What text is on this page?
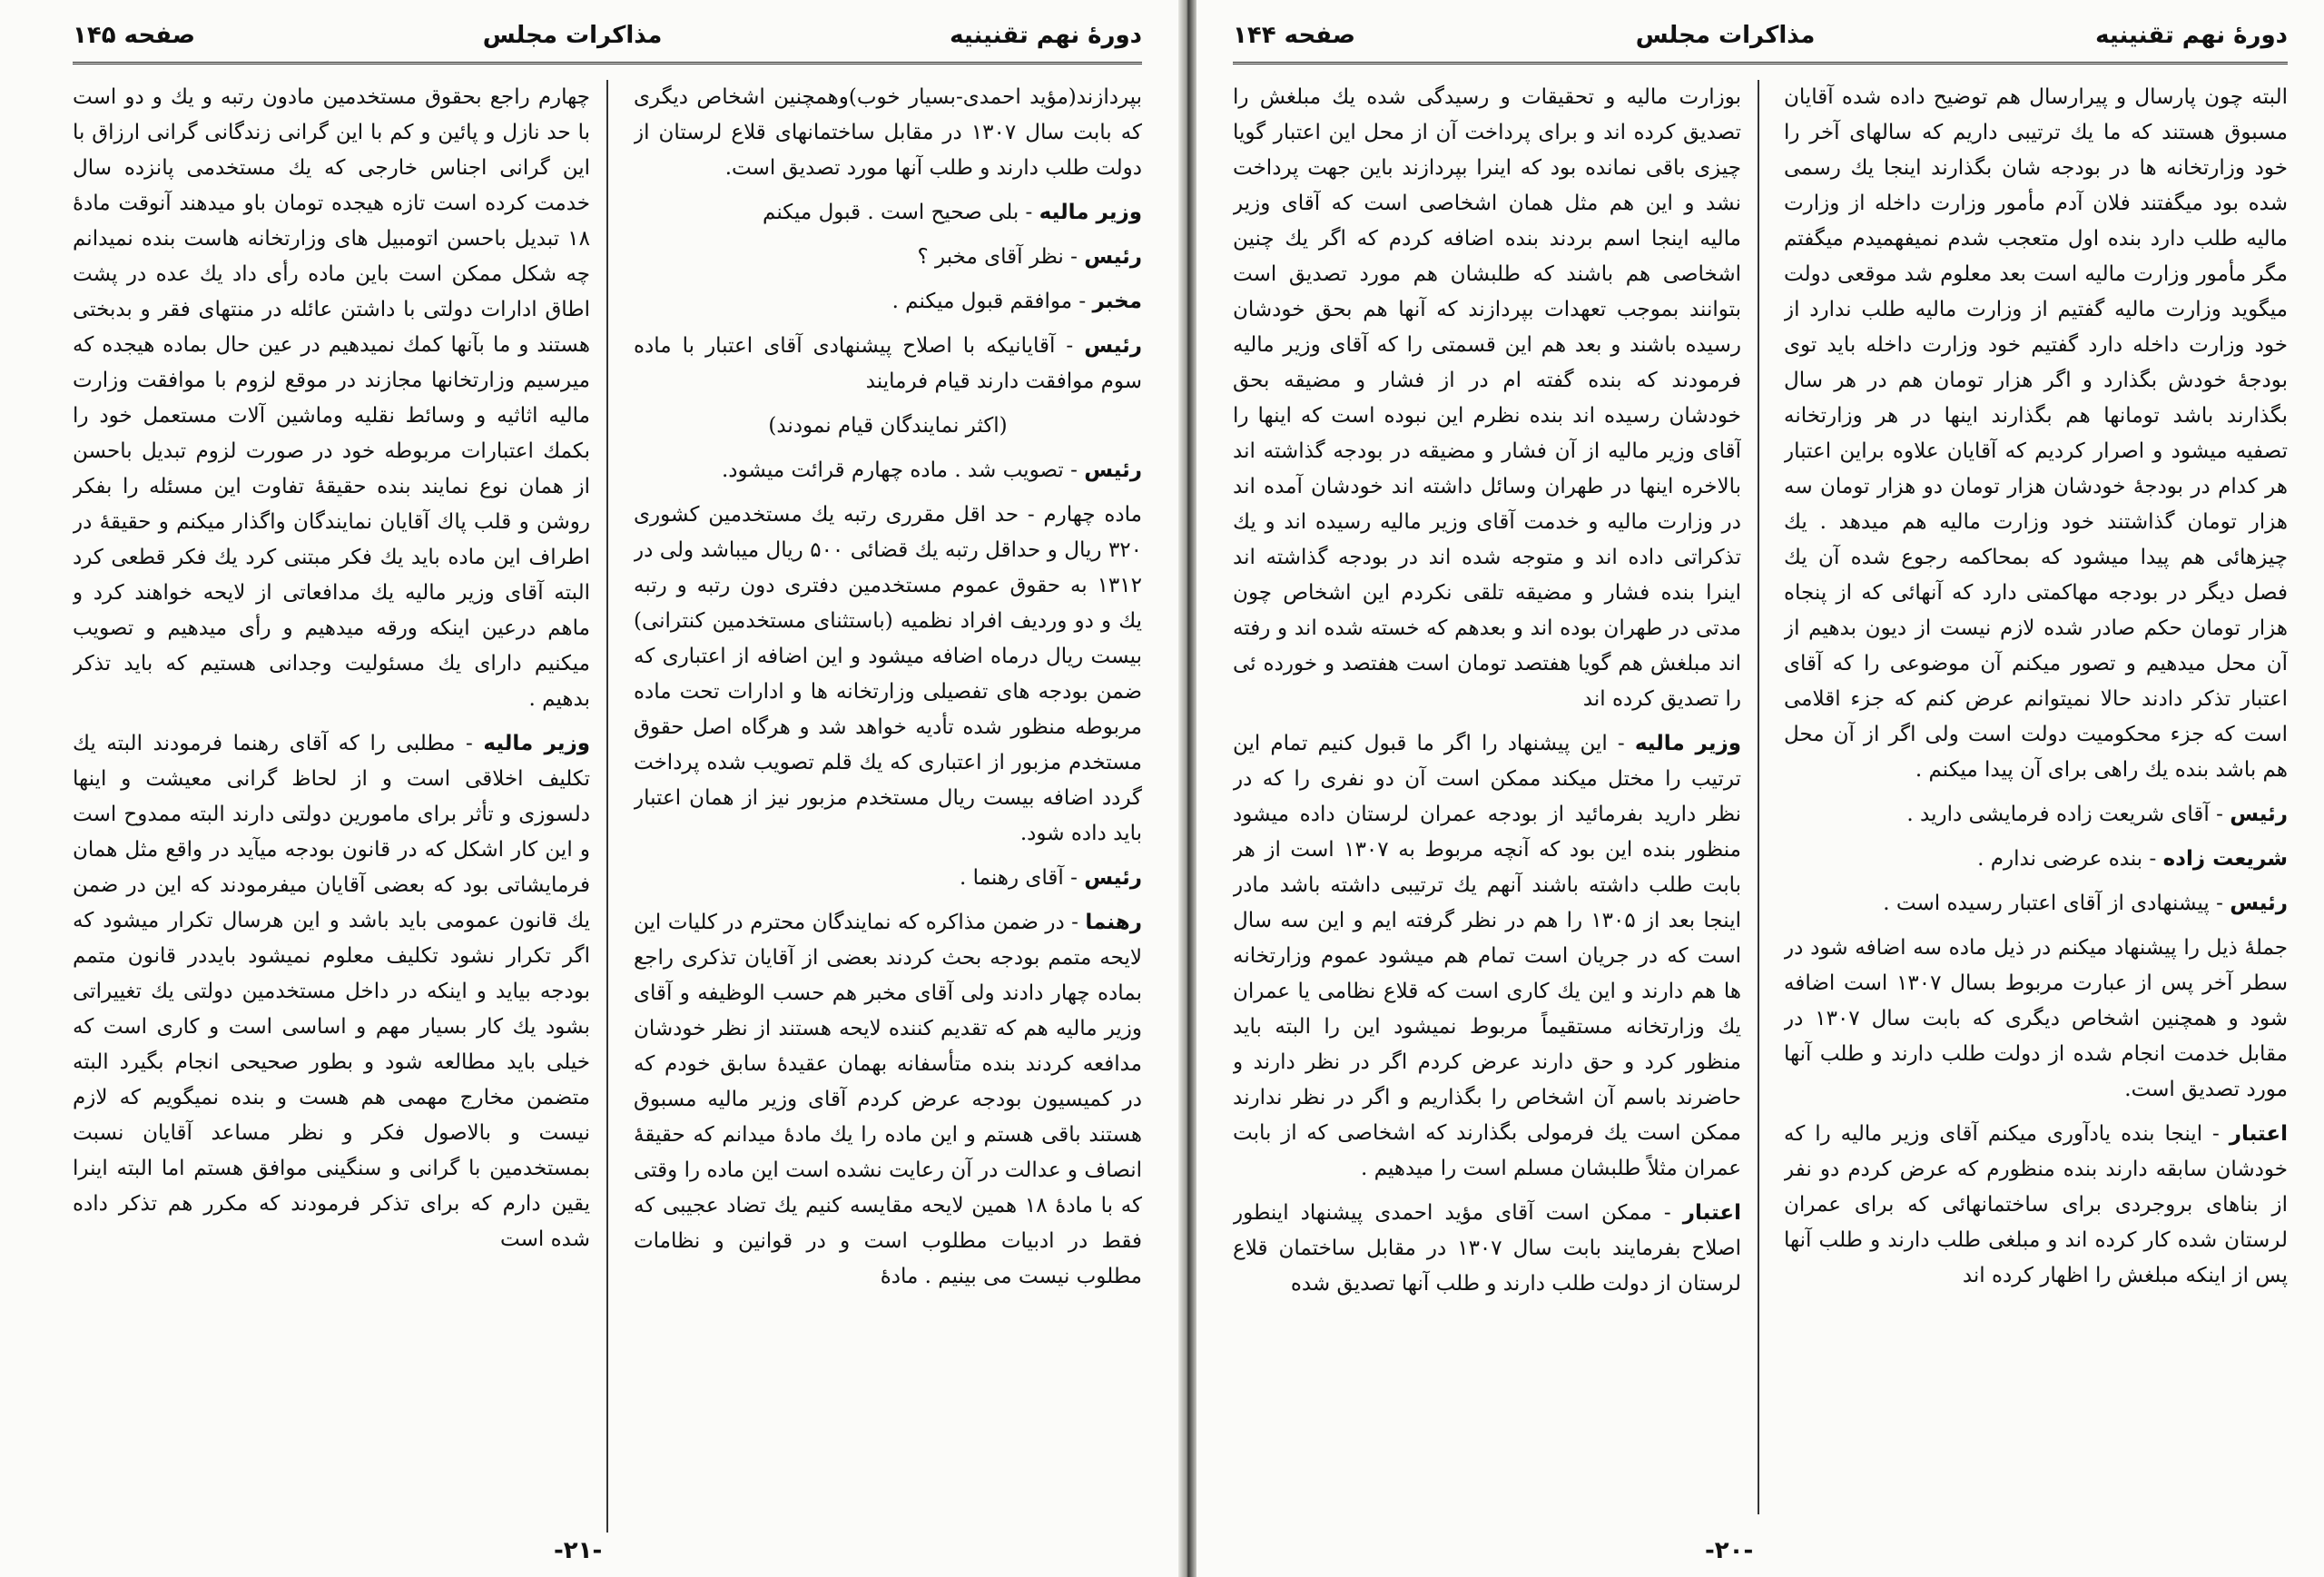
دورهٔ نهم تقنینیه
مذاکرات مجلس
صفحه ۱۴۵

بپردازند(مؤید احمدی-بسیار خوب)وهمچنین اشخاص دیگری که بابت سال ۱۳۰۷ در مقابل ساختمانهای قلاع لرستان از دولت طلب دارند و طلب آنها مورد تصدیق است.

وزیر مالیه - بلی صحیح است . قبول میکنم

رئیس - نظر آقای مخبر ؟

مخبر - موافقم قبول میکنم .

رئیس - آقایانیکه با اصلاح پیشنهادی آقای اعتبار با ماده سوم موافقت دارند قیام فرمایند

(اکثر نمایندگان قیام نمودند)

رئیس - تصویب شد . ماده چهارم قرائت میشود.

ماده چهارم - حد اقل مقرری رتبه یك مستخدمین کشوری ۳۲۰ ریال و حداقل رتبه یك قضائی ۵۰۰ ریال میباشد ولی در ۱۳۱۲ به حقوق عموم مستخدمین دفتری دون رتبه و رتبه یك و دو وردیف افراد نظمیه (باستثنای مستخدمین کنترانی) بیست ریال درماه اضافه میشود و این اضافه از اعتباری که ضمن بودجه های تفصیلی وزارتخانه ها و ادارات تحت ماده مربوطه منظور شده تأدیه خواهد شد و هرگاه اصل حقوق مستخدم مزبور از اعتباری که یك قلم تصویب شده پرداخت گردد اضافه بیست ریال مستخدم مزبور نیز از همان اعتبار باید داده شود.

رئیس - آقای رهنما .

رهنما - در ضمن مذاکره که نمایندگان محترم در کلیات این لایحه متمم بودجه بحث کردند بعضی از آقایان تذکری راجع بماده چهار دادند ولی آقای مخبر هم حسب الوظیفه و آقای وزیر مالیه هم که تقدیم کننده لایحه هستند از نظر خودشان مدافعه کردند بنده متأسفانه بهمان عقیدهٔ سابق خودم که در کمیسیون بودجه عرض کردم آقای وزیر مالیه مسبوق هستند باقی هستم و این ماده را یك مادهٔ میدانم که حقیقهٔ انصاف و عدالت در آن رعایت نشده است این ماده را وقتی که با مادهٔ ۱۸ همین لایحه مقایسه کنیم یك تضاد عجیبی که فقط در ادبیات مطلوب است و در قوانین و نظامات مطلوب نیست می بینیم . مادهٔ

چهارم راجع بحقوق مستخدمین مادون رتبه و یك و دو است با حد نازل و پائین و کم با این گرانی زندگانی گرانی ارزاق با این گرانی اجناس خارجی که یك مستخدمی پانزده سال خدمت کرده است تازه هیجده تومان باو میدهند آنوقت مادهٔ ۱۸ تبدیل باحسن اتومبیل های وزارتخانه هاست بنده نمیدانم چه شکل ممکن است باین ماده رأی داد یك عده در پشت اطاق ادارات دولتی با داشتن عائله در منتهای فقر و بدبختی هستند و ما بآنها کمك نمیدهیم در عین حال بماده هیجده که میرسیم وزارتخانها مجازند در موقع لزوم با موافقت وزارت مالیه اثاثیه و وسائط نقلیه وماشین آلات مستعمل خود را بکمك اعتبارات مربوطه خود در صورت لزوم تبدیل باحسن از همان نوع نمایند بنده حقیقهٔ تفاوت این مسئله را بفکر روشن و قلب پاك آقایان نمایندگان واگذار میکنم و حقیقهٔ در اطراف این ماده باید یك فکر مبتنی کرد یك فکر قطعی کرد البته آقای وزیر مالیه یك مدافعاتی از لایحه خواهند کرد و ماهم درعین اینکه ورقه میدهیم و رأی میدهیم و تصویب میکنیم دارای یك مسئولیت وجدانی هستیم که باید تذکر بدهیم .

وزیر مالیه - مطلبی را که آقای رهنما فرمودند البته یك تکلیف اخلاقی است و از لحاظ گرانی معیشت و اینها دلسوزی و تأثر برای مامورین دولتی دارند البته ممدوح است و این کار اشکل که در قانون بودجه میآید در واقع مثل همان فرمایشاتی بود که بعضی آقایان میفرمودند که این در ضمن یك قانون عمومی باید باشد و این هرسال تکرار میشود که اگر تکرار نشود تکلیف معلوم نمیشود بایددر قانون متمم بودجه بیاید و اینکه در داخل مستخدمین دولتی یك تغییراتی بشود یك کار بسیار مهم و اساسی است و کاری است که خیلی باید مطالعه شود و بطور صحیحی انجام بگیرد البته متضمن مخارج مهمی هم هست و بنده نمیگویم که لازم نیست و بالاصول فکر و نظر مساعد آقایان نسبت بمستخدمین با گرانی و سنگینی موافق هستم اما البته اینرا یقین دارم که برای تذکر فرمودند که مکرر هم تذکر داده شده است

-۲۱-
دورهٔ نهم تقنینیه
مذاکرات مجلس
صفحه ۱۴۴

البته چون پارسال و پیرارسال هم توضیح داده شده آقایان مسبوق هستند که ما یك ترتیبی داریم که سالهای آخر را خود وزارتخانه ها در بودجه شان بگذارند اینجا یك رسمی شده بود میگفتند فلان آدم مأمور وزارت داخله از وزارت مالیه طلب دارد بنده اول متعجب شدم نمیفهمیدم میگفتم مگر مأمور وزارت مالیه است بعد معلوم شد موقعی دولت میگوید وزارت مالیه گفتیم از وزارت مالیه طلب ندارد از خود وزارت داخله دارد گفتیم خود وزارت داخله باید توی بودجهٔ خودش بگذارد و اگر هزار تومان هم در هر سال بگذارند باشد تومانها هم بگذارند اینها در هر وزارتخانه تصفیه میشود و اصرار کردیم که آقایان علاوه براین اعتبار هر کدام در بودجهٔ خودشان هزار تومان دو هزار تومان سه هزار تومان گذاشتند خود وزارت مالیه هم میدهد . یك چیزهائی هم پیدا میشود که بمحاکمه رجوع شده آن یك فصل دیگر در بودجه مهاکمتی دارد که آنهائی که از پنجاه هزار تومان حکم صادر شده لازم نیست از دیون بدهیم از آن محل میدهیم و تصور میکنم آن موضوعی را که آقای اعتبار تذکر دادند حالا نمیتوانم عرض کنم که جزء اقلامی است که جزء محکومیت دولت است ولی اگر از آن محل هم باشد بنده یك راهی برای آن پیدا میکنم .

رئیس - آقای شریعت زاده فرمایشی دارید .

شریعت زاده - بنده عرضی ندارم .

رئیس - پیشنهادی از آقای اعتبار رسیده است .

جملهٔ ذیل را پیشنهاد میکنم در ذیل ماده سه اضافه شود در سطر آخر پس از عبارت مربوط بسال ۱۳۰۷ است اضافه شود و همچنین اشخاص دیگری که بابت سال ۱۳۰۷ در مقابل خدمت انجام شده از دولت طلب دارند و طلب آنها مورد تصدیق است.

اعتبار - اینجا بنده یادآوری میکنم آقای وزیر مالیه را که خودشان سابقه دارند بنده منظورم که عرض کردم دو نفر از بناهای بروجردی برای ساختمانهائی که برای عمران لرستان شده کار کرده اند و مبلغی طلب دارند و طلب آنها پس از اینکه مبلغش را اظهار کرده اند

بوزارت مالیه و تحقیقات و رسیدگی شده یك مبلغش را تصدیق کرده اند و برای پرداخت آن از محل این اعتبار گویا چیزی باقی نمانده بود که اینرا بپردازند باین جهت پرداخت نشد و این هم مثل همان اشخاصی است که آقای وزیر مالیه اینجا اسم بردند بنده اضافه کردم که اگر یك چنین اشخاصی هم باشند که طلبشان هم مورد تصدیق است بتوانند بموجب تعهدات بپردازند که آنها هم بحق خودشان رسیده باشند و بعد هم این قسمتی را که آقای وزیر مالیه فرمودند که بنده گفته ام در از فشار و مضیقه بحق خودشان رسیده اند بنده نظرم این نبوده است که اینها را آقای وزیر مالیه از آن فشار و مضیقه در بودجه گذاشته اند بالاخره اینها در طهران وسائل داشته اند خودشان آمده اند در وزارت مالیه و خدمت آقای وزیر مالیه رسیده اند و یك تذکراتی داده اند و متوجه شده اند در بودجه گذاشته اند اینرا بنده فشار و مضیقه تلقی نکردم این اشخاص چون مدتی در طهران بوده اند و بعدهم که خسته شده اند و رفته اند مبلغش هم گویا هفتصد تومان است هفتصد و خورده ئی را تصدیق کرده اند

وزیر مالیه - این پیشنهاد را اگر ما قبول کنیم تمام این ترتیب را مختل میکند ممکن است آن دو نفری را که در نظر دارید بفرمائید از بودجه عمران لرستان داده میشود منظور بنده این بود که آنچه مربوط به ۱۳۰۷ است از هر بابت طلب داشته باشند آنهم یك ترتیبی داشته باشد مادر اینجا بعد از ۱۳۰۵ را هم در نظر گرفته ایم و این سه سال است که در جریان است تمام هم میشود عموم وزارتخانه ها هم دارند و این یك کاری است که قلاع نظامی یا عمران یك وزارتخانه مستقیماً مربوط نمیشود این را البته باید منظور کرد و حق دارند عرض کردم اگر در نظر دارند و حاضرند باسم آن اشخاص را بگذاریم و اگر در نظر ندارند ممکن است یك فرمولی بگذارند که اشخاصی که از بابت عمران مثلاً طلبشان مسلم است را میدهیم .

اعتبار - ممکن است آقای مؤید احمدی پیشنهاد اینطور اصلاح بفرمایند بابت سال ۱۳۰۷ در مقابل ساختمان قلاع لرستان از دولت طلب دارند و طلب آنها تصدیق شده

-۲۰-
